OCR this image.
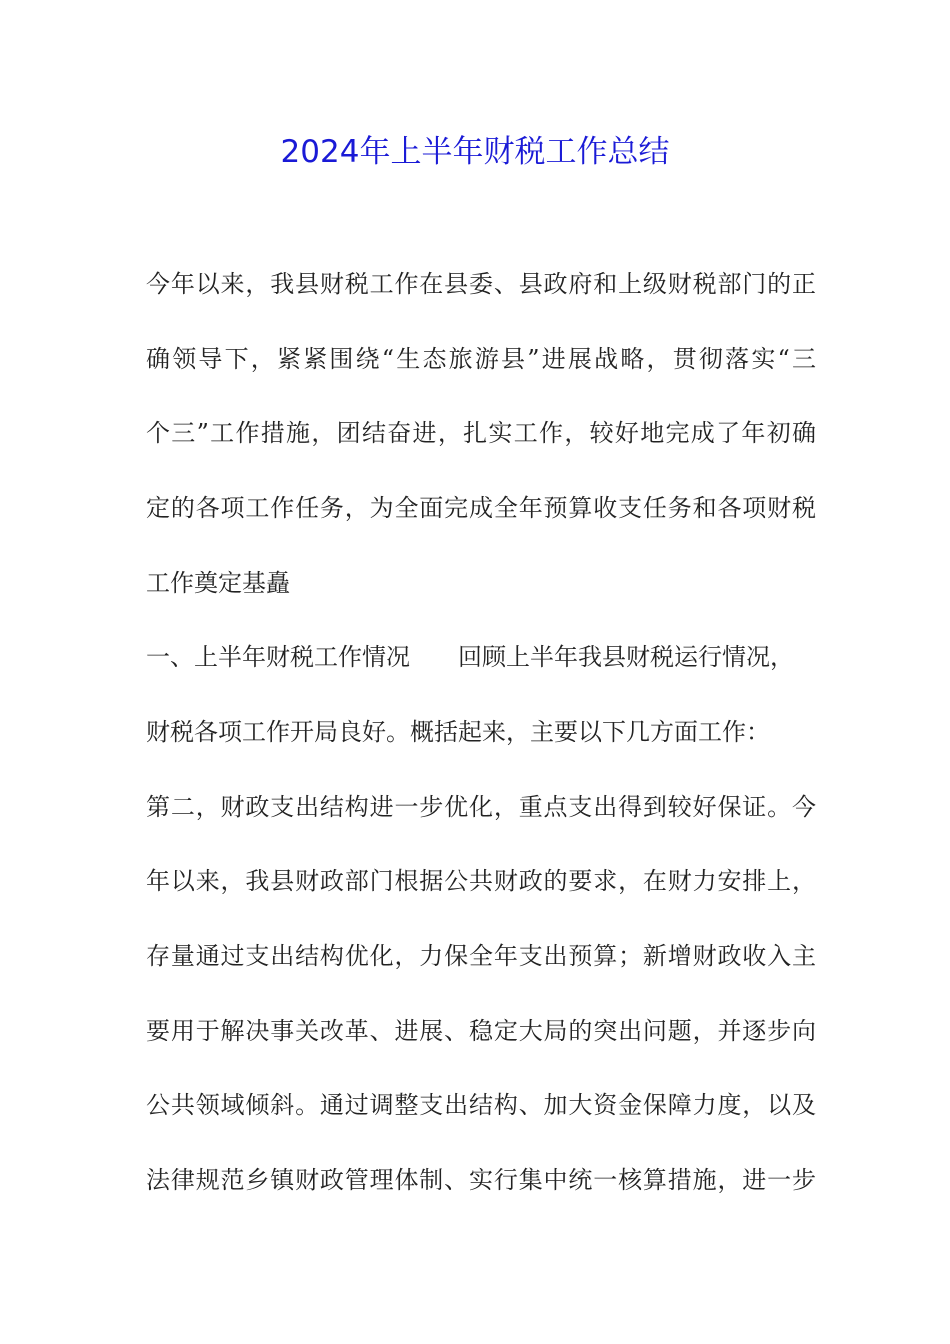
2024年上半年财税工作总结
今年以来，我县财税工作在县委、县政府和上级财税部门的正
确领导下，紧紧围绕“生态旅游县”进展战略，贯彻落实“三
个三”工作措施，团结奋进，扎实工作，较好地完成了年初确
定的各项工作任务，为全面完成全年预算收支任务和各项财税
工作奠定基矗
一、上半年财税工作情况 回顾上半年我县财税运行情况，
财税各项工作开局良好。概括起来，主要以下几方面工作：
第二，财政支出结构进一步优化，重点支出得到较好保证。今
年以来，我县财政部门根据公共财政的要求，在财力安排上，
存量通过支出结构优化，力保全年支出预算；新增财政收入主
要用于解决事关改革、进展、稳定大局的突出问题，并逐步向
公共领域倾斜。通过调整支出结构、加大资金保障力度，以及
法律规范乡镇财政管理体制、实行集中统一核算措施，进一步
